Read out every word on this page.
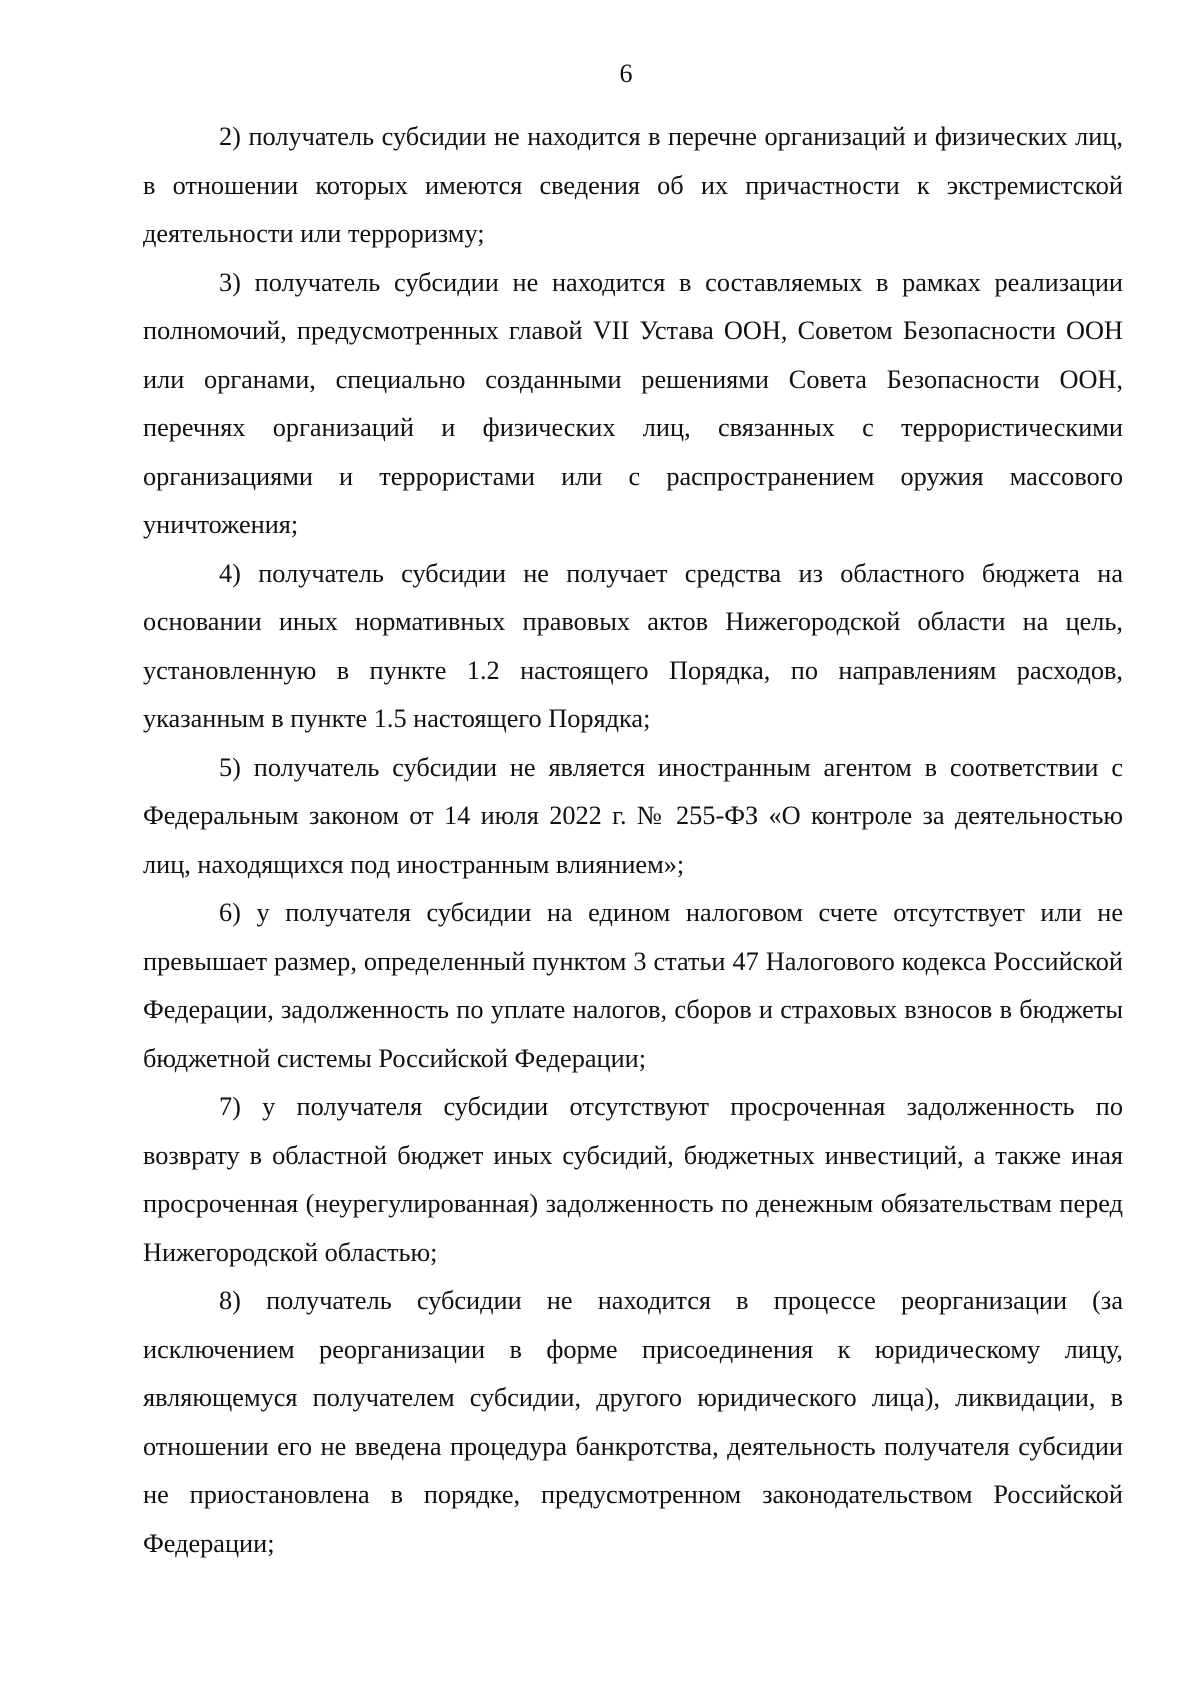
6

2) получатель субсидии не находится в перечне организаций и физических лиц, в отношении которых имеются сведения об их причастности к экстремистской деятельности или терроризму;

3) получатель субсидии не находится в составляемых в рамках реализации полномочий, предусмотренных главой VII Устава ООН, Советом Безопасности ООН или органами, специально созданными решениями Совета Безопасности ООН, перечнях организаций и физических лиц, связанных с террористическими организациями и террористами или с распространением оружия массового уничтожения;

4) получатель субсидии не получает средства из областного бюджета на основании иных нормативных правовых актов Нижегородской области на цель, установленную в пункте 1.2 настоящего Порядка, по направлениям расходов, указанным в пункте 1.5 настоящего Порядка;

5) получатель субсидии не является иностранным агентом в соответствии с Федеральным законом от 14 июля 2022 г. № 255-ФЗ «О контроле за деятельностью лиц, находящихся под иностранным влиянием»;

6) у получателя субсидии на едином налоговом счете отсутствует или не превышает размер, определенный пунктом 3 статьи 47 Налогового кодекса Российской Федерации, задолженность по уплате налогов, сборов и страховых взносов в бюджеты бюджетной системы Российской Федерации;

7) у получателя субсидии отсутствуют просроченная задолженность по возврату в областной бюджет иных субсидий, бюджетных инвестиций, а также иная просроченная (неурегулированная) задолженность по денежным обязательствам перед Нижегородской областью;

8) получатель субсидии не находится в процессе реорганизации (за исключением реорганизации в форме присоединения к юридическому лицу, являющемуся получателем субсидии, другого юридического лица), ликвидации, в отношении его не введена процедура банкротства, деятельность получателя субсидии не приостановлена в порядке, предусмотренном законодательством Российской Федерации;
